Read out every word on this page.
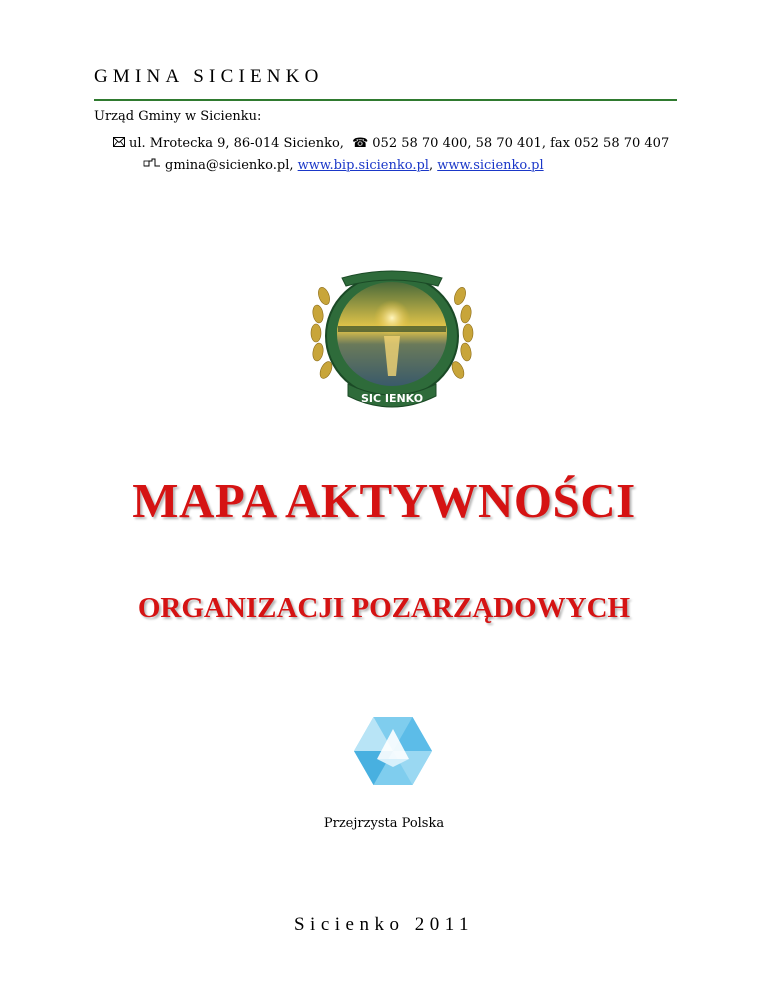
GMINA SICIENKO
Urząd Gminy w Sicienku:
ul. Mrotecka 9, 86-014 Sicienko, ☎ 052 58 70 400, 58 70 401, fax 052 58 70 407
gmina@sicienko.pl, www.bip.sicienko.pl, www.sicienko.pl
SIC IENKO
MAPA AKTYWNOŚCI
ORGANIZACJI POZARZĄDOWYCH
Przejrzysta Polska
Sicienko 2011
